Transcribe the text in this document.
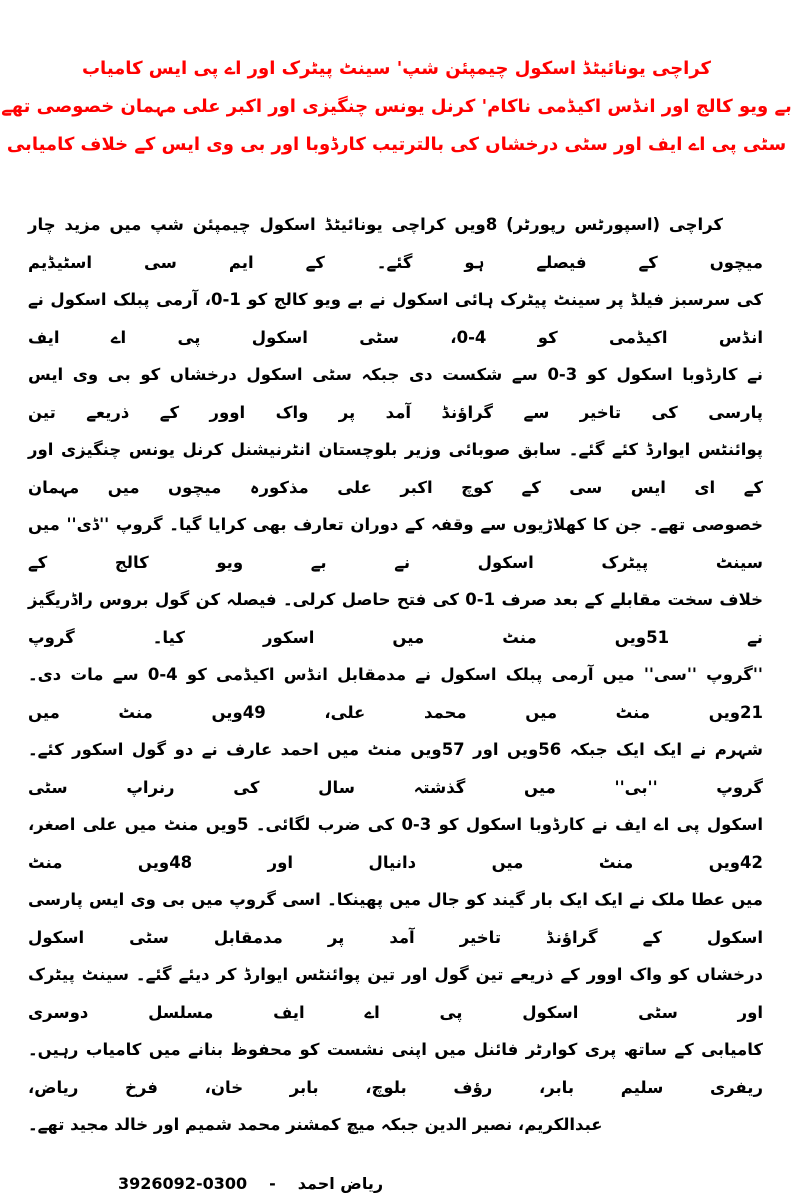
کراچی یونائیٹڈ اسکول چیمپئن شپ' سینٹ پیٹرک اور اے پی ایس کامیاب
بے ویو کالج اور انڈس اکیڈمی ناکام' کرنل یونس چنگیزی اور اکبر علی مہمان خصوصی تھے
سٹی پی اے ایف اور سٹی درخشاں کی بالترتیب کارڈوبا اور بی وی ایس کے خلاف کامیابی
کراچی (اسپورٹس رپورٹر) 8ویں کراچی یونائیٹڈ اسکول چیمپئن شپ میں مزید چار میچوں کے فیصلے ہو گئے۔ کے ایم سی اسٹیڈیم
کی سرسبز فیلڈ پر سینٹ پیٹرک ہائی اسکول نے بے ویو کالج کو 1-0، آرمی پبلک اسکول نے انڈس اکیڈمی کو 4-0، سٹی اسکول پی اے ایف
نے کارڈوبا اسکول کو 3-0 سے شکست دی جبکہ سٹی اسکول درخشاں کو بی وی ایس پارسی کی تاخیر سے گراؤنڈ آمد پر واک اوور کے ذریعے تین
پوائنٹس ایوارڈ کئے گئے۔ سابق صوبائی وزیر بلوچستان انٹرنیشنل کرنل یونس چنگیزی اور کے ای ایس سی کے کوچ اکبر علی مذکورہ میچوں میں مہمان
خصوصی تھے۔ جن کا کھلاڑیوں سے وقفہ کے دوران تعارف بھی کرایا گیا۔ گروپ ''ڈی'' میں سینٹ پیٹرک اسکول نے بے ویو کالج کے
خلاف سخت مقابلے کے بعد صرف 1-0 کی فتح حاصل کرلی۔ فیصلہ کن گول بروس راڈریگیز نے 51ویں منٹ میں اسکور کیا۔ گروپ
''گروپ ''سی'' میں آرمی پبلک اسکول نے مدمقابل انڈس اکیڈمی کو 4-0 سے مات دی۔ 21ویں منٹ میں محمد علی، 49ویں منٹ میں
شہرم نے ایک ایک جبکہ 56ویں اور 57ویں منٹ میں احمد عارف نے دو گول اسکور کئے۔ گروپ ''بی'' میں گذشتہ سال کی رنراپ سٹی
اسکول پی اے ایف نے کارڈوبا اسکول کو 3-0 کی ضرب لگائی۔ 5ویں منٹ میں علی اصغر، 42ویں منٹ میں دانیال اور 48ویں منٹ
میں عطا ملک نے ایک ایک بار گیند کو جال میں پھینکا۔ اسی گروپ میں بی وی ایس پارسی اسکول کے گراؤنڈ تاخیر آمد پر مدمقابل سٹی اسکول
درخشاں کو واک اوور کے ذریعے تین گول اور تین پوائنٹس ایوارڈ کر دیئے گئے۔ سینٹ پیٹرک اور سٹی اسکول پی اے ایف مسلسل دوسری
کامیابی کے ساتھ پری کوارٹر فائنل میں اپنی نشست کو محفوظ بنانے میں کامیاب رہیں۔ ریفری سلیم بابر، رؤف بلوچ، بابر خان، فرخ ریاض،
عبدالکریم، نصیر الدین جبکہ میچ کمشنر محمد شمیم اور خالد مجید تھے۔
ریاض احمد-0300-3926092
